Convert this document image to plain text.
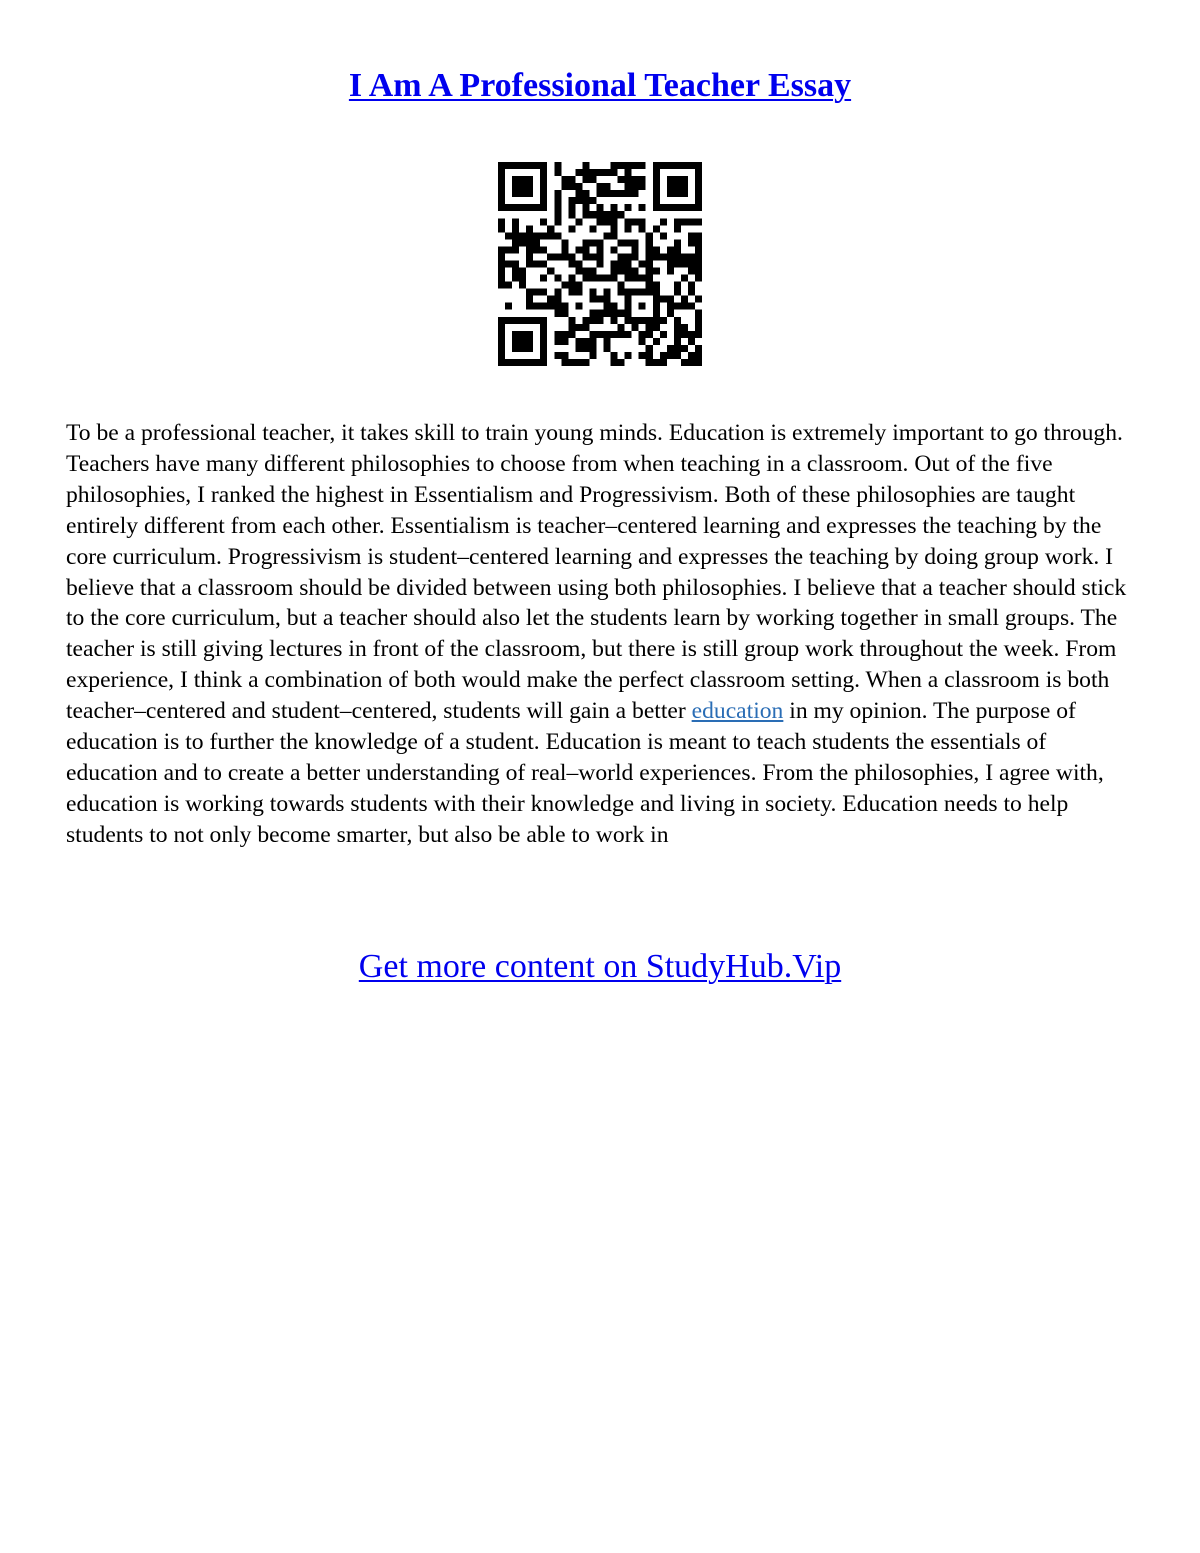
I Am A Professional Teacher Essay
To be a professional teacher, it takes skill to train young minds. Education is extremely important to go through. Teachers have many different philosophies to choose from when teaching in a classroom. Out of the five philosophies, I ranked the highest in Essentialism and Progressivism. Both of these philosophies are taught entirely different from each other. Essentialism is teacher–centered learning and expresses the teaching by the core curriculum. Progressivism is student–centered learning and expresses the teaching by doing group work. I believe that a classroom should be divided between using both philosophies. I believe that a teacher should stick to the core curriculum, but a teacher should also let the students learn by working together in small groups. The teacher is still giving lectures in front of the classroom, but there is still group work throughout the week. From experience, I think a combination of both would make the perfect classroom setting. When a classroom is both teacher–centered and student–centered, students will gain a better education in my opinion. The purpose of education is to further the knowledge of a student. Education is meant to teach students the essentials of education and to create a better understanding of real–world experiences. From the philosophies, I agree with, education is working towards students with their knowledge and living in society. Education needs to help students to not only become smarter, but also be able to work in
Get more content on StudyHub.Vip
